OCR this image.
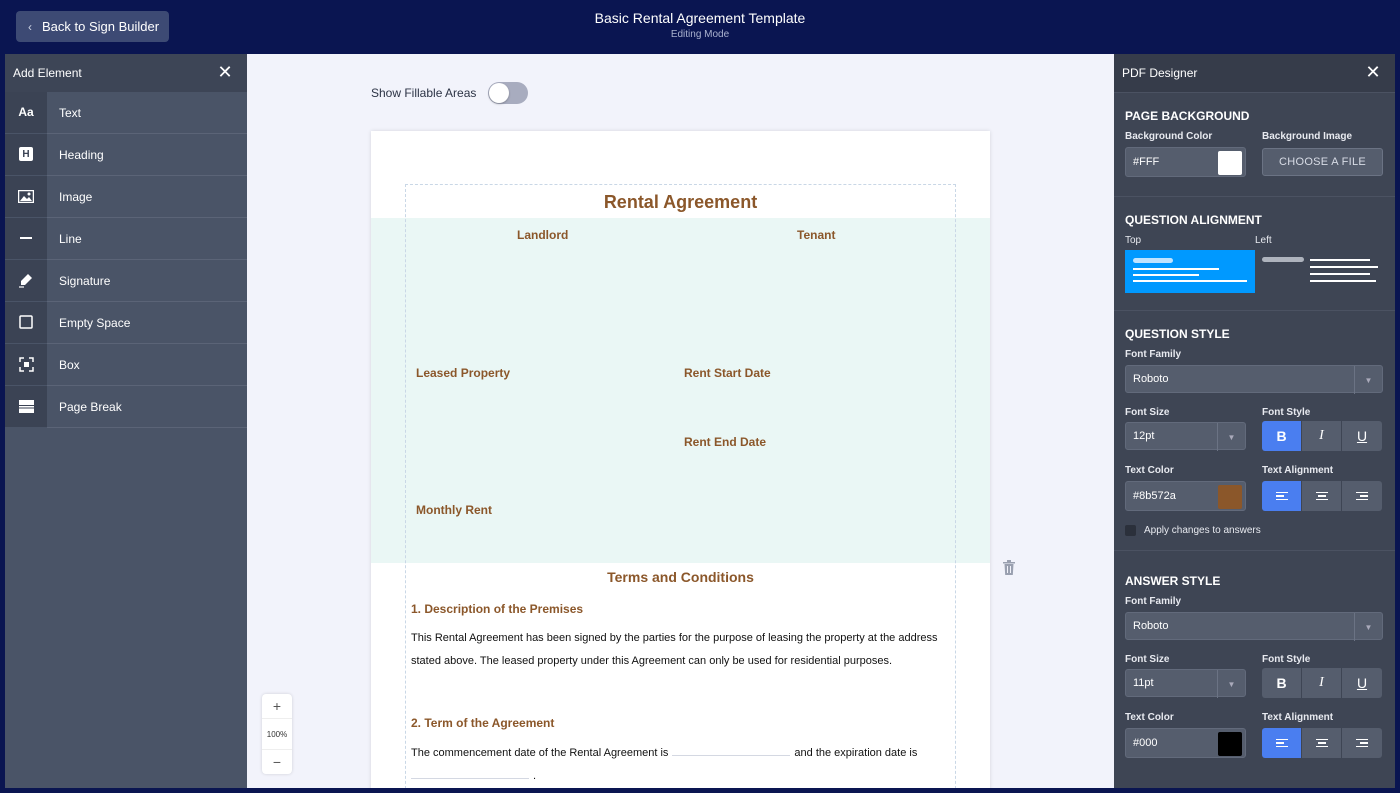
‹ Back to Sign Builder
Basic Rental Agreement Template
Editing Mode
Add Element	✕
Aa	Text
H	Heading
Image
Line
Signature
Empty Space
Box
Page Break
Show Fillable Areas
Rental Agreement
Landlord	Tenant
Leased Property	Rent Start Date
Rent End Date
Monthly Rent
Terms and Conditions
1. Description of the Premises
This Rental Agreement has been signed by the parties for the purpose of leasing the property at the address stated above. The leased property under this Agreement can only be used for residential purposes.
2. Term of the Agreement
The commencement date of the Rental Agreement is	and the expiration date is
.
+
100%
−
PDF Designer	✕
PAGE BACKGROUND
Background Color	Background Image
#FFF	CHOOSE A FILE
QUESTION ALIGNMENT
Top	Left
QUESTION STYLE
Font Family
Roboto	▼
Font Size	Font Style
12pt	▼	B	I	U
Text Color	Text Alignment
#8b572a
Apply changes to answers
ANSWER STYLE
Font Family
Roboto	▼
Font Size	Font Style
11pt	▼	B	I	U
Text Color	Text Alignment
#000
